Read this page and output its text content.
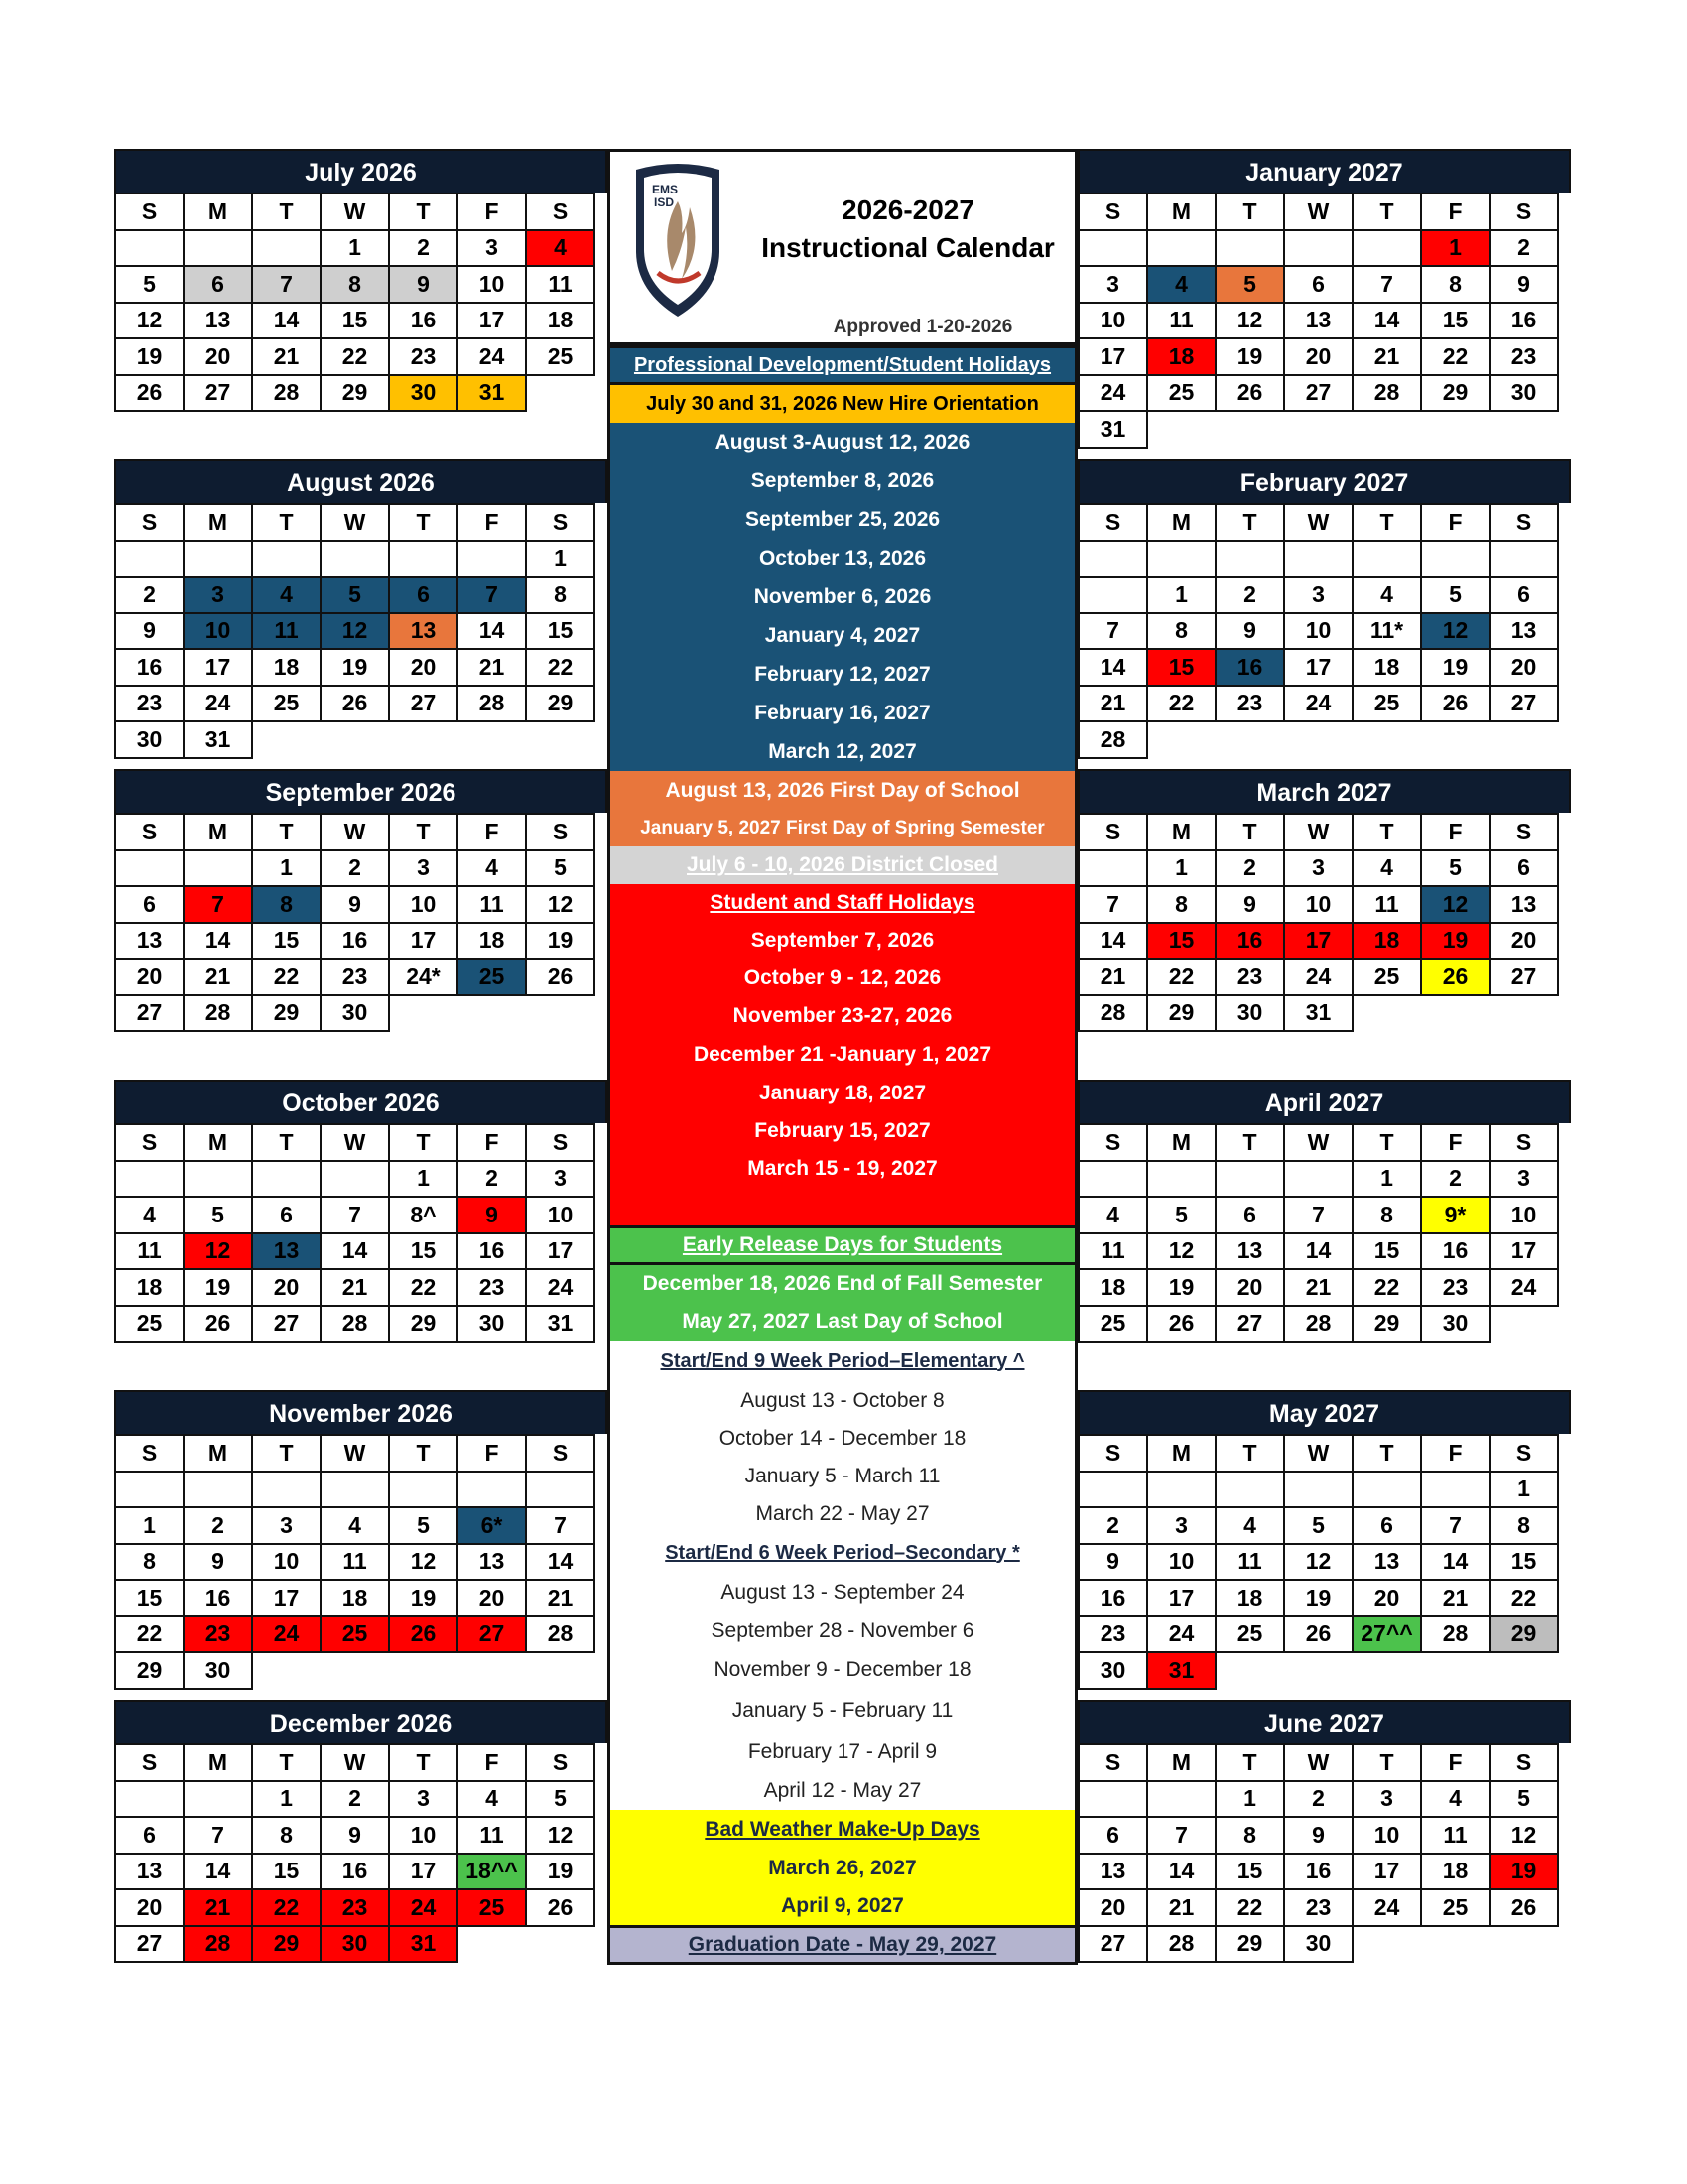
July 2026
S	M	T	W	T	F	S
			1	2	3	4
5	6	7	8	9	10	11
12	13	14	15	16	17	18
19	20	21	22	23	24	25
26	27	28	29	30	31	
August 2026
S	M	T	W	T	F	S
						1
2	3	4	5	6	7	8
9	10	11	12	13	14	15
16	17	18	19	20	21	22
23	24	25	26	27	28	29
30	31					
September 2026
S	M	T	W	T	F	S
		1	2	3	4	5
6	7	8	9	10	11	12
13	14	15	16	17	18	19
20	21	22	23	24*	25	26
27	28	29	30			
October 2026
S	M	T	W	T	F	S
				1	2	3
4	5	6	7	8^	9	10
11	12	13	14	15	16	17
18	19	20	21	22	23	24
25	26	27	28	29	30	31
November 2026
S	M	T	W	T	F	S

1	2	3	4	5	6*	7
8	9	10	11	12	13	14
15	16	17	18	19	20	21
22	23	24	25	26	27	28
29	30					
December 2026
S	M	T	W	T	F	S
		1	2	3	4	5
6	7	8	9	10	11	12
13	14	15	16	17	18^^	19
20	21	22	23	24	25	26
27	28	29	30	31		
January 2027
S	M	T	W	T	F	S
					1	2
3	4	5	6	7	8	9
10	11	12	13	14	15	16
17	18	19	20	21	22	23
24	25	26	27	28	29	30
31						
February 2027
S	M	T	W	T	F	S

	1	2	3	4	5	6
7	8	9	10	11*	12	13
14	15	16	17	18	19	20
21	22	23	24	25	26	27
28						
March 2027
S	M	T	W	T	F	S
	1	2	3	4	5	6
7	8	9	10	11	12	13
14	15	16	17	18	19	20
21	22	23	24	25	26	27
28	29	30	31			
April 2027
S	M	T	W	T	F	S
				1	2	3
4	5	6	7	8	9*	10
11	12	13	14	15	16	17
18	19	20	21	22	23	24
25	26	27	28	29	30	
May 2027
S	M	T	W	T	F	S
						1
2	3	4	5	6	7	8
9	10	11	12	13	14	15
16	17	18	19	20	21	22
23	24	25	26	27^^	28	29
30	31					
June 2027
S	M	T	W	T	F	S
		1	2	3	4	5
6	7	8	9	10	11	12
13	14	15	16	17	18	19
20	21	22	23	24	25	26
27	28	29	30			
EMS
ISD	2026-2027
Instructional Calendar
Approved 1-20-2026
Professional Development/Student Holidays
July 30 and 31, 2026 New Hire Orientation
August 3-August 12, 2026
September 8, 2026
September 25, 2026
October 13, 2026
November 6, 2026
January 4, 2027
February 12, 2027
February 16, 2027
March 12, 2027
August 13, 2026 First Day of School
January 5, 2027 First Day of Spring Semester
July 6 - 10, 2026 District Closed
Student and Staff Holidays
September 7, 2026
October 9 - 12, 2026
November 23-27, 2026
December 21 -January 1, 2027
January 18, 2027
February 15, 2027
March 15 - 19, 2027
Early Release Days for Students
December 18, 2026 End of Fall Semester
May 27, 2027 Last Day of School
Start/End 9 Week Period–Elementary ^
August 13 - October 8
October 14 - December 18
January 5 - March 11
March 22 - May 27
Start/End 6 Week Period–Secondary *
August 13 - September 24
September 28 - November 6
November 9 - December 18
January 5 - February 11
February 17 - April 9
April 12 - May 27
Bad Weather Make-Up Days
March 26, 2027
April 9, 2027
Graduation Date - May 29, 2027
